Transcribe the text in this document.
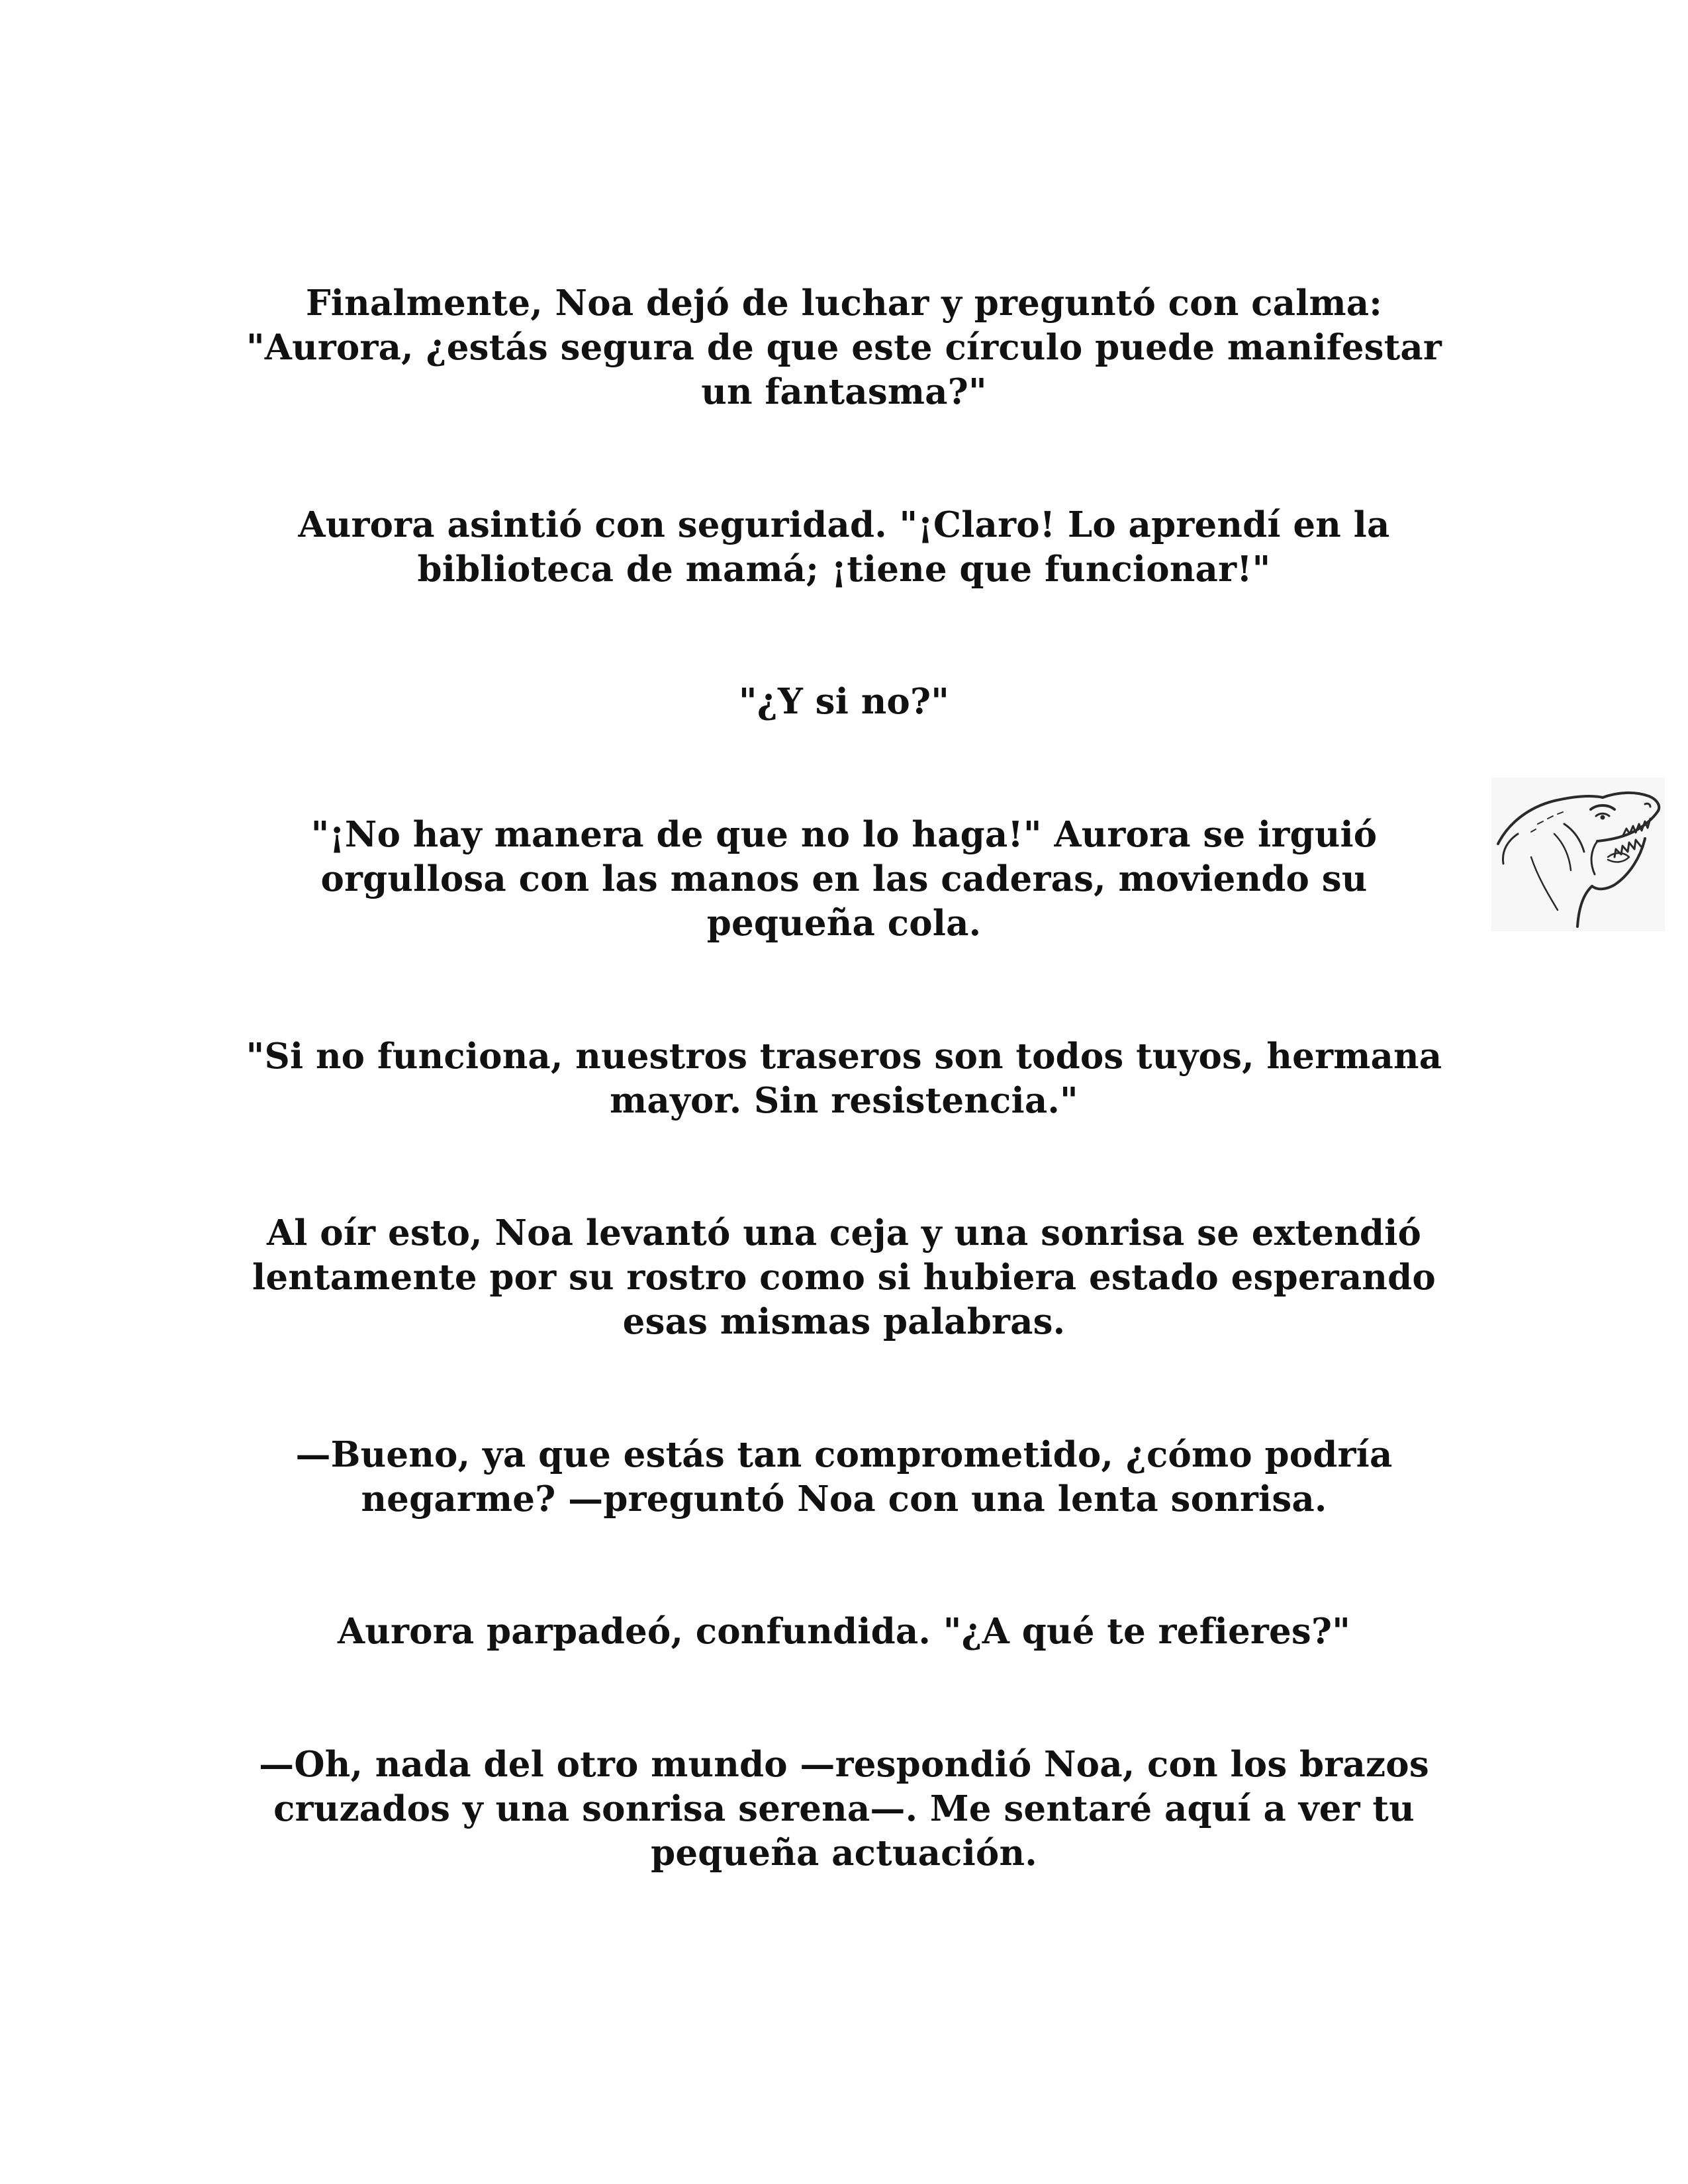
Finalmente, Noa dejó de luchar y preguntó con calma: "Aurora, ¿estás segura de que este círculo puede manifestar un fantasma?"

Aurora asintió con seguridad. "¡Claro! Lo aprendí en la biblioteca de mamá; ¡tiene que funcionar!"

"¿Y si no?"

"¡No hay manera de que no lo haga!" Aurora se irguió orgullosa con las manos en las caderas, moviendo su pequeña cola.

"Si no funciona, nuestros traseros son todos tuyos, hermana mayor. Sin resistencia."

Al oír esto, Noa levantó una ceja y una sonrisa se extendió lentamente por su rostro como si hubiera estado esperando esas mismas palabras.

—Bueno, ya que estás tan comprometido, ¿cómo podría negarme? —preguntó Noa con una lenta sonrisa.

Aurora parpadeó, confundida. "¿A qué te refieres?"

—Oh, nada del otro mundo —respondió Noa, con los brazos cruzados y una sonrisa serena—. Me sentaré aquí a ver tu pequeña actuación.
